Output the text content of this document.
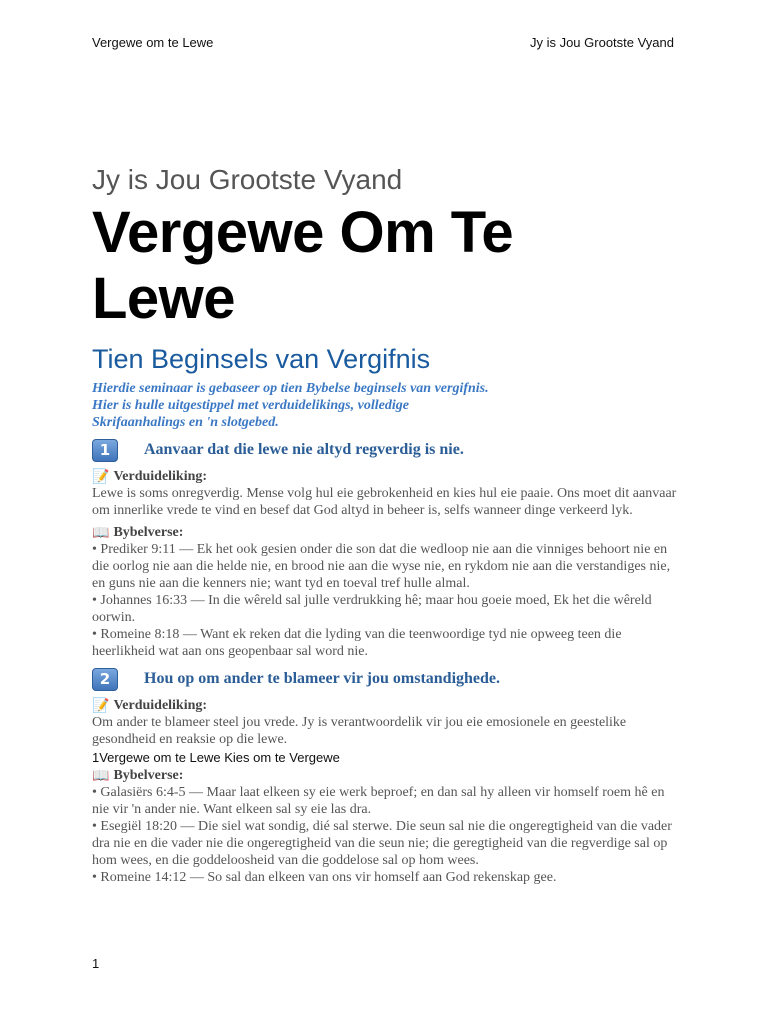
Vergewe om te Lewe	Jy is Jou Grootste Vyand

Jy is Jou Grootste Vyand

Vergewe Om Te

Lewe

Tien Beginsels van Vergifnis

Hierdie seminaar is gebaseer op tien Bybelse beginsels van vergifnis. Hier is hulle uitgestippel met verduidelikings, volledige Skrifaanhalings en 'n slotgebed.

1	Aanvaar dat die lewe nie altyd regverdig is nie.
📝 Verduideliking:

Lewe is soms onregverdig. Mense volg hul eie gebrokenheid en kies hul eie paaie. Ons moet dit aanvaar om innerlike vrede te vind en besef dat God altyd in beheer is, selfs wanneer dinge verkeerd lyk.

📖 Bybelverse:

• Prediker 9:11 — Ek het ook gesien onder die son dat die wedloop nie aan die vinniges behoort nie en die oorlog nie aan die helde nie, en brood nie aan die wyse nie, en rykdom nie aan die verstandiges nie, en guns nie aan die kenners nie; want tyd en toeval tref hulle almal.

• Johannes 16:33 — In die wêreld sal julle verdrukking hê; maar hou goeie moed, Ek het die wêreld oorwin.

• Romeine 8:18 — Want ek reken dat die lyding van die teenwoordige tyd nie opweeg teen die heerlikheid wat aan ons geopenbaar sal word nie.

2	Hou op om ander te blameer vir jou omstandighede.
📝 Verduideliking:

Om ander te blameer steel jou vrede. Jy is verantwoordelik vir jou eie emosionele en geestelike gesondheid en reaksie op die lewe.

1Vergewe om te Lewe Kies om te Vergewe
📖 Bybelverse:

• Galasiërs 6:4-5 — Maar laat elkeen sy eie werk beproef; en dan sal hy alleen vir homself roem hê en nie vir 'n ander nie. Want elkeen sal sy eie las dra.

• Esegiël 18:20 — Die siel wat sondig, dié sal sterwe. Die seun sal nie die ongeregtigheid van die vader dra nie en die vader nie die ongeregtigheid van die seun nie; die geregtigheid van die regverdige sal op hom wees, en die goddeloosheid van die goddelose sal op hom wees.

• Romeine 14:12 — So sal dan elkeen van ons vir homself aan God rekenskap gee.

1
